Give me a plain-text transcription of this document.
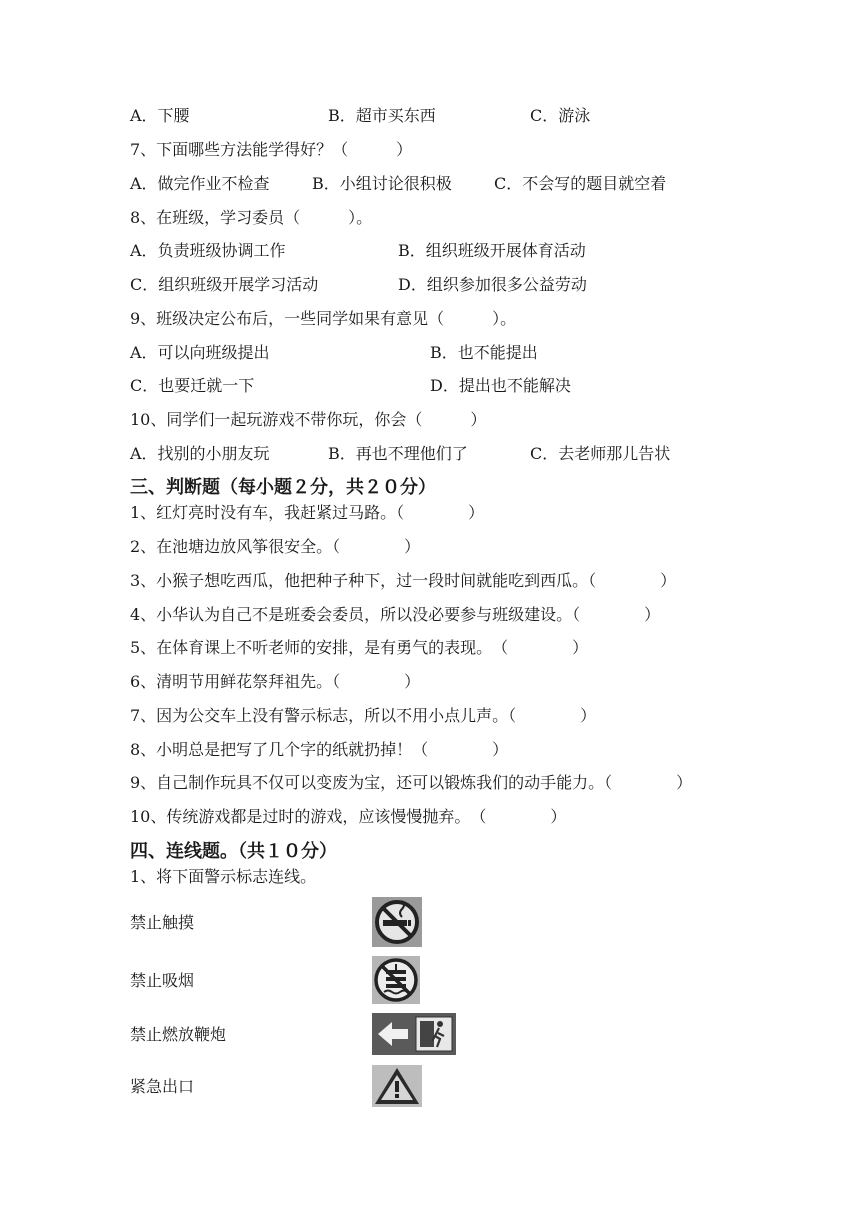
A．下腰	B．超市买东西	C．游泳
7、下面哪些方法能学得好？（　　　）
A．做完作业不检查	B．小组讨论很积极	C．不会写的题目就空着
8、在班级，学习委员（　　　）。
A．负责班级协调工作	B．组织班级开展体育活动
C．组织班级开展学习活动	D．组织参加很多公益劳动
9、班级决定公布后，一些同学如果有意见（　　　）。
A．可以向班级提出	B．也不能提出
C．也要迁就一下	D．提出也不能解决
10、同学们一起玩游戏不带你玩，你会（　　　）
A．找别的小朋友玩	B．再也不理他们了	C．去老师那儿告状
三、判断题（每小题２分，共２０分）
1、红灯亮时没有车，我赶紧过马路。（　　　　）
2、在池塘边放风筝很安全。（　　　　）
3、小猴子想吃西瓜，他把种子种下，过一段时间就能吃到西瓜。（　　　　）
4、小华认为自己不是班委会委员，所以没必要参与班级建设。（　　　　）
5、在体育课上不听老师的安排，是有勇气的表现。　（　　　　）
6、清明节用鲜花祭拜祖先。（　　　　）
7、因为公交车上没有警示标志，所以不用小点儿声。（　　　　）
8、小明总是把写了几个字的纸就扔掉！（　　　　）
9、自己制作玩具不仅可以变废为宝，还可以锻炼我们的动手能力。（　　　　）
10、传统游戏都是过时的游戏，应该慢慢抛弃。　（　　　　）
四、连线题。（共１０分）
1、将下面警示标志连线。
禁止触摸
禁止吸烟
禁止燃放鞭炮
紧急出口
